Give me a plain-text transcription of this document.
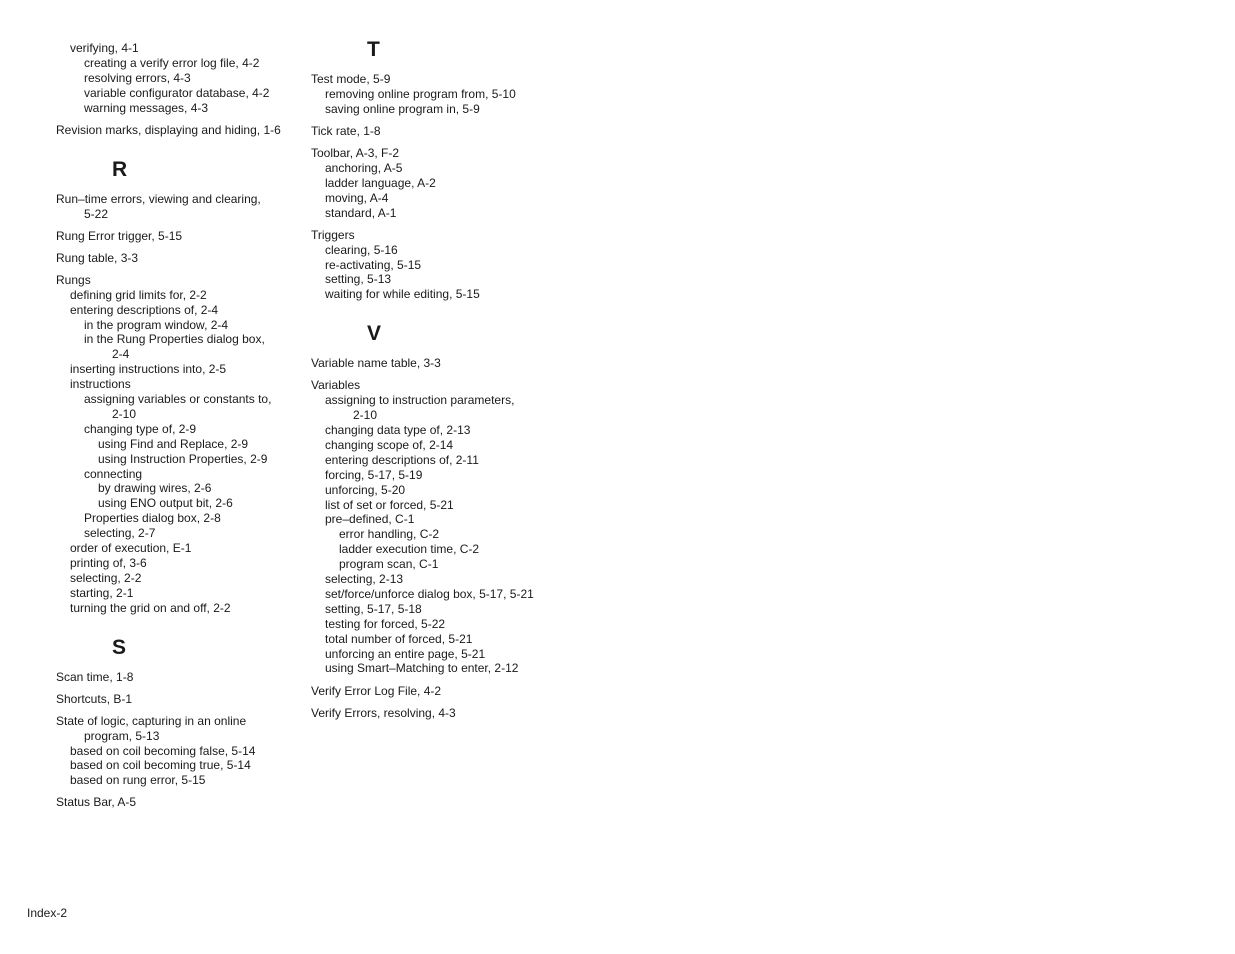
Index-2
verifying, 4-1
creating a verify error log file, 4-2
resolving errors, 4-3
variable configurator database, 4-2
warning messages, 4-3
Revision marks, displaying and hiding, 1-6
R
Run–time errors, viewing and clearing,
5-22
Rung Error trigger, 5-15
Rung table, 3-3
Rungs
defining grid limits for, 2-2
entering descriptions of, 2-4
in the program window, 2-4
in the Rung Properties dialog box,
2-4
inserting instructions into, 2-5
instructions
assigning variables or constants to,
2-10
changing type of, 2-9
using Find and Replace, 2-9
using Instruction Properties, 2-9
connecting
by drawing wires, 2-6
using ENO output bit, 2-6
Properties dialog box, 2-8
selecting, 2-7
order of execution, E-1
printing of, 3-6
selecting, 2-2
starting, 2-1
turning the grid on and off, 2-2
S
Scan time, 1-8
Shortcuts, B-1
State of logic, capturing in an online
program, 5-13
based on coil becoming false, 5-14
based on coil becoming true, 5-14
based on rung error, 5-15
Status Bar, A-5
T
Test mode, 5-9
removing online program from, 5-10
saving online program in, 5-9
Tick rate, 1-8
Toolbar, A-3, F-2
anchoring, A-5
ladder language, A-2
moving, A-4
standard, A-1
Triggers
clearing, 5-16
re-activating, 5-15
setting, 5-13
waiting for while editing, 5-15
V
Variable name table, 3-3
Variables
assigning to instruction parameters,
2-10
changing data type of, 2-13
changing scope of, 2-14
entering descriptions of, 2-11
forcing, 5-17, 5-19
unforcing, 5-20
list of set or forced, 5-21
pre–defined, C-1
error handling, C-2
ladder execution time, C-2
program scan, C-1
selecting, 2-13
set/force/unforce dialog box, 5-17, 5-21
setting, 5-17, 5-18
testing for forced, 5-22
total number of forced, 5-21
unforcing an entire page, 5-21
using Smart–Matching to enter, 2-12
Verify Error Log File, 4-2
Verify Errors, resolving, 4-3
